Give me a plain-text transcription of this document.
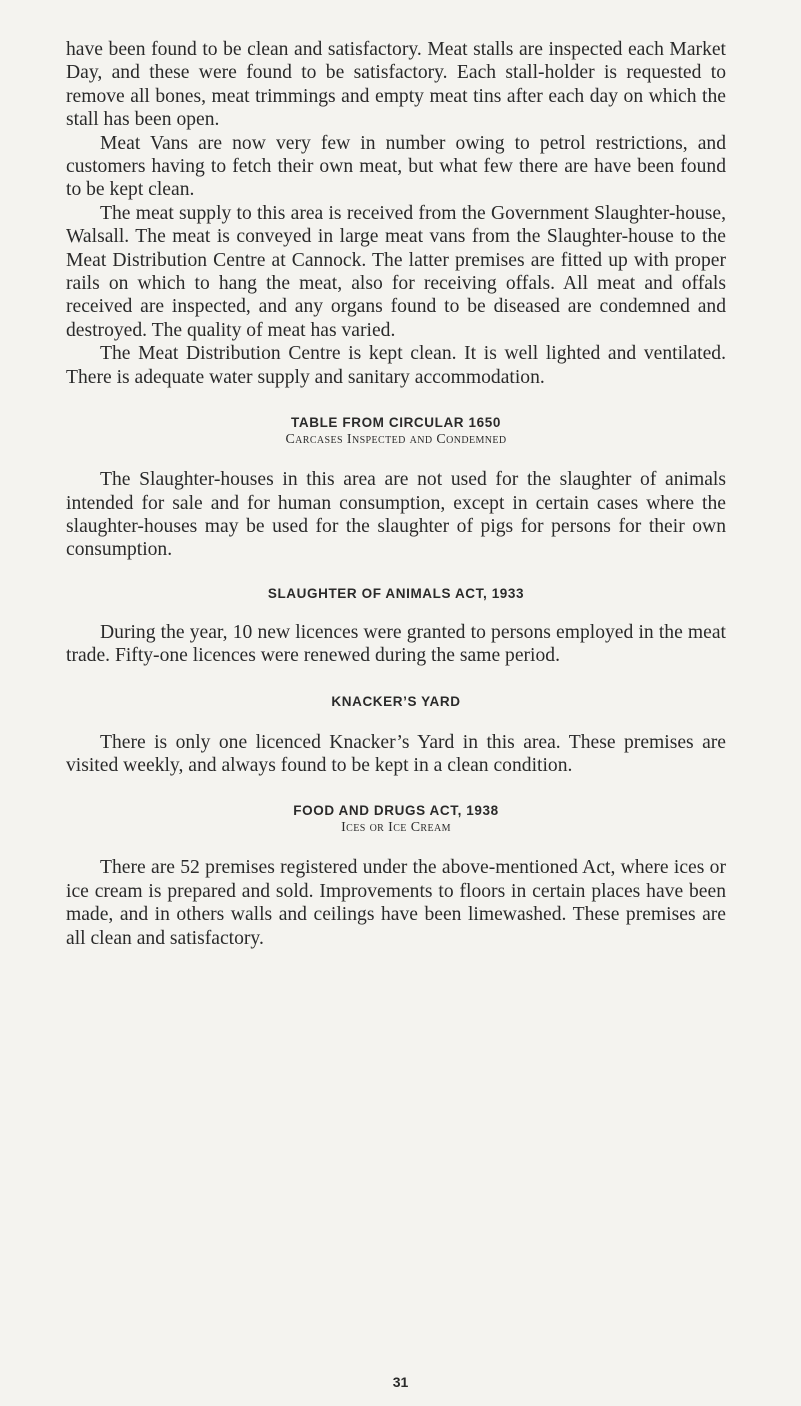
have been found to be clean and satisfactory. Meat stalls are inspected each Market Day, and these were found to be satisfactory. Each stall-holder is requested to remove all bones, meat trimmings and empty meat tins after each day on which the stall has been open.

Meat Vans are now very few in number owing to petrol restrictions, and customers having to fetch their own meat, but what few there are have been found to be kept clean.

The meat supply to this area is received from the Government Slaughter-house, Walsall. The meat is conveyed in large meat vans from the Slaughter-house to the Meat Distribution Centre at Cannock. The latter premises are fitted up with proper rails on which to hang the meat, also for receiving offals. All meat and offals received are inspected, and any organs found to be diseased are condemned and destroyed. The quality of meat has varied.

The Meat Distribution Centre is kept clean. It is well lighted and ventilated. There is adequate water supply and sanitary accommodation.

TABLE FROM CIRCULAR 1650
Carcases Inspected and Condemned

The Slaughter-houses in this area are not used for the slaughter of animals intended for sale and for human consumption, except in certain cases where the slaughter-houses may be used for the slaughter of pigs for persons for their own consumption.

SLAUGHTER OF ANIMALS ACT, 1933

During the year, 10 new licences were granted to persons employed in the meat trade. Fifty-one licences were renewed during the same period.

KNACKER’S YARD

There is only one licenced Knacker’s Yard in this area. These premises are visited weekly, and always found to be kept in a clean condition.

FOOD AND DRUGS ACT, 1938
Ices or Ice Cream

There are 52 premises registered under the above-mentioned Act, where ices or ice cream is prepared and sold. Improvements to floors in certain places have been made, and in others walls and ceilings have been limewashed. These premises are all clean and satisfactory.

31
